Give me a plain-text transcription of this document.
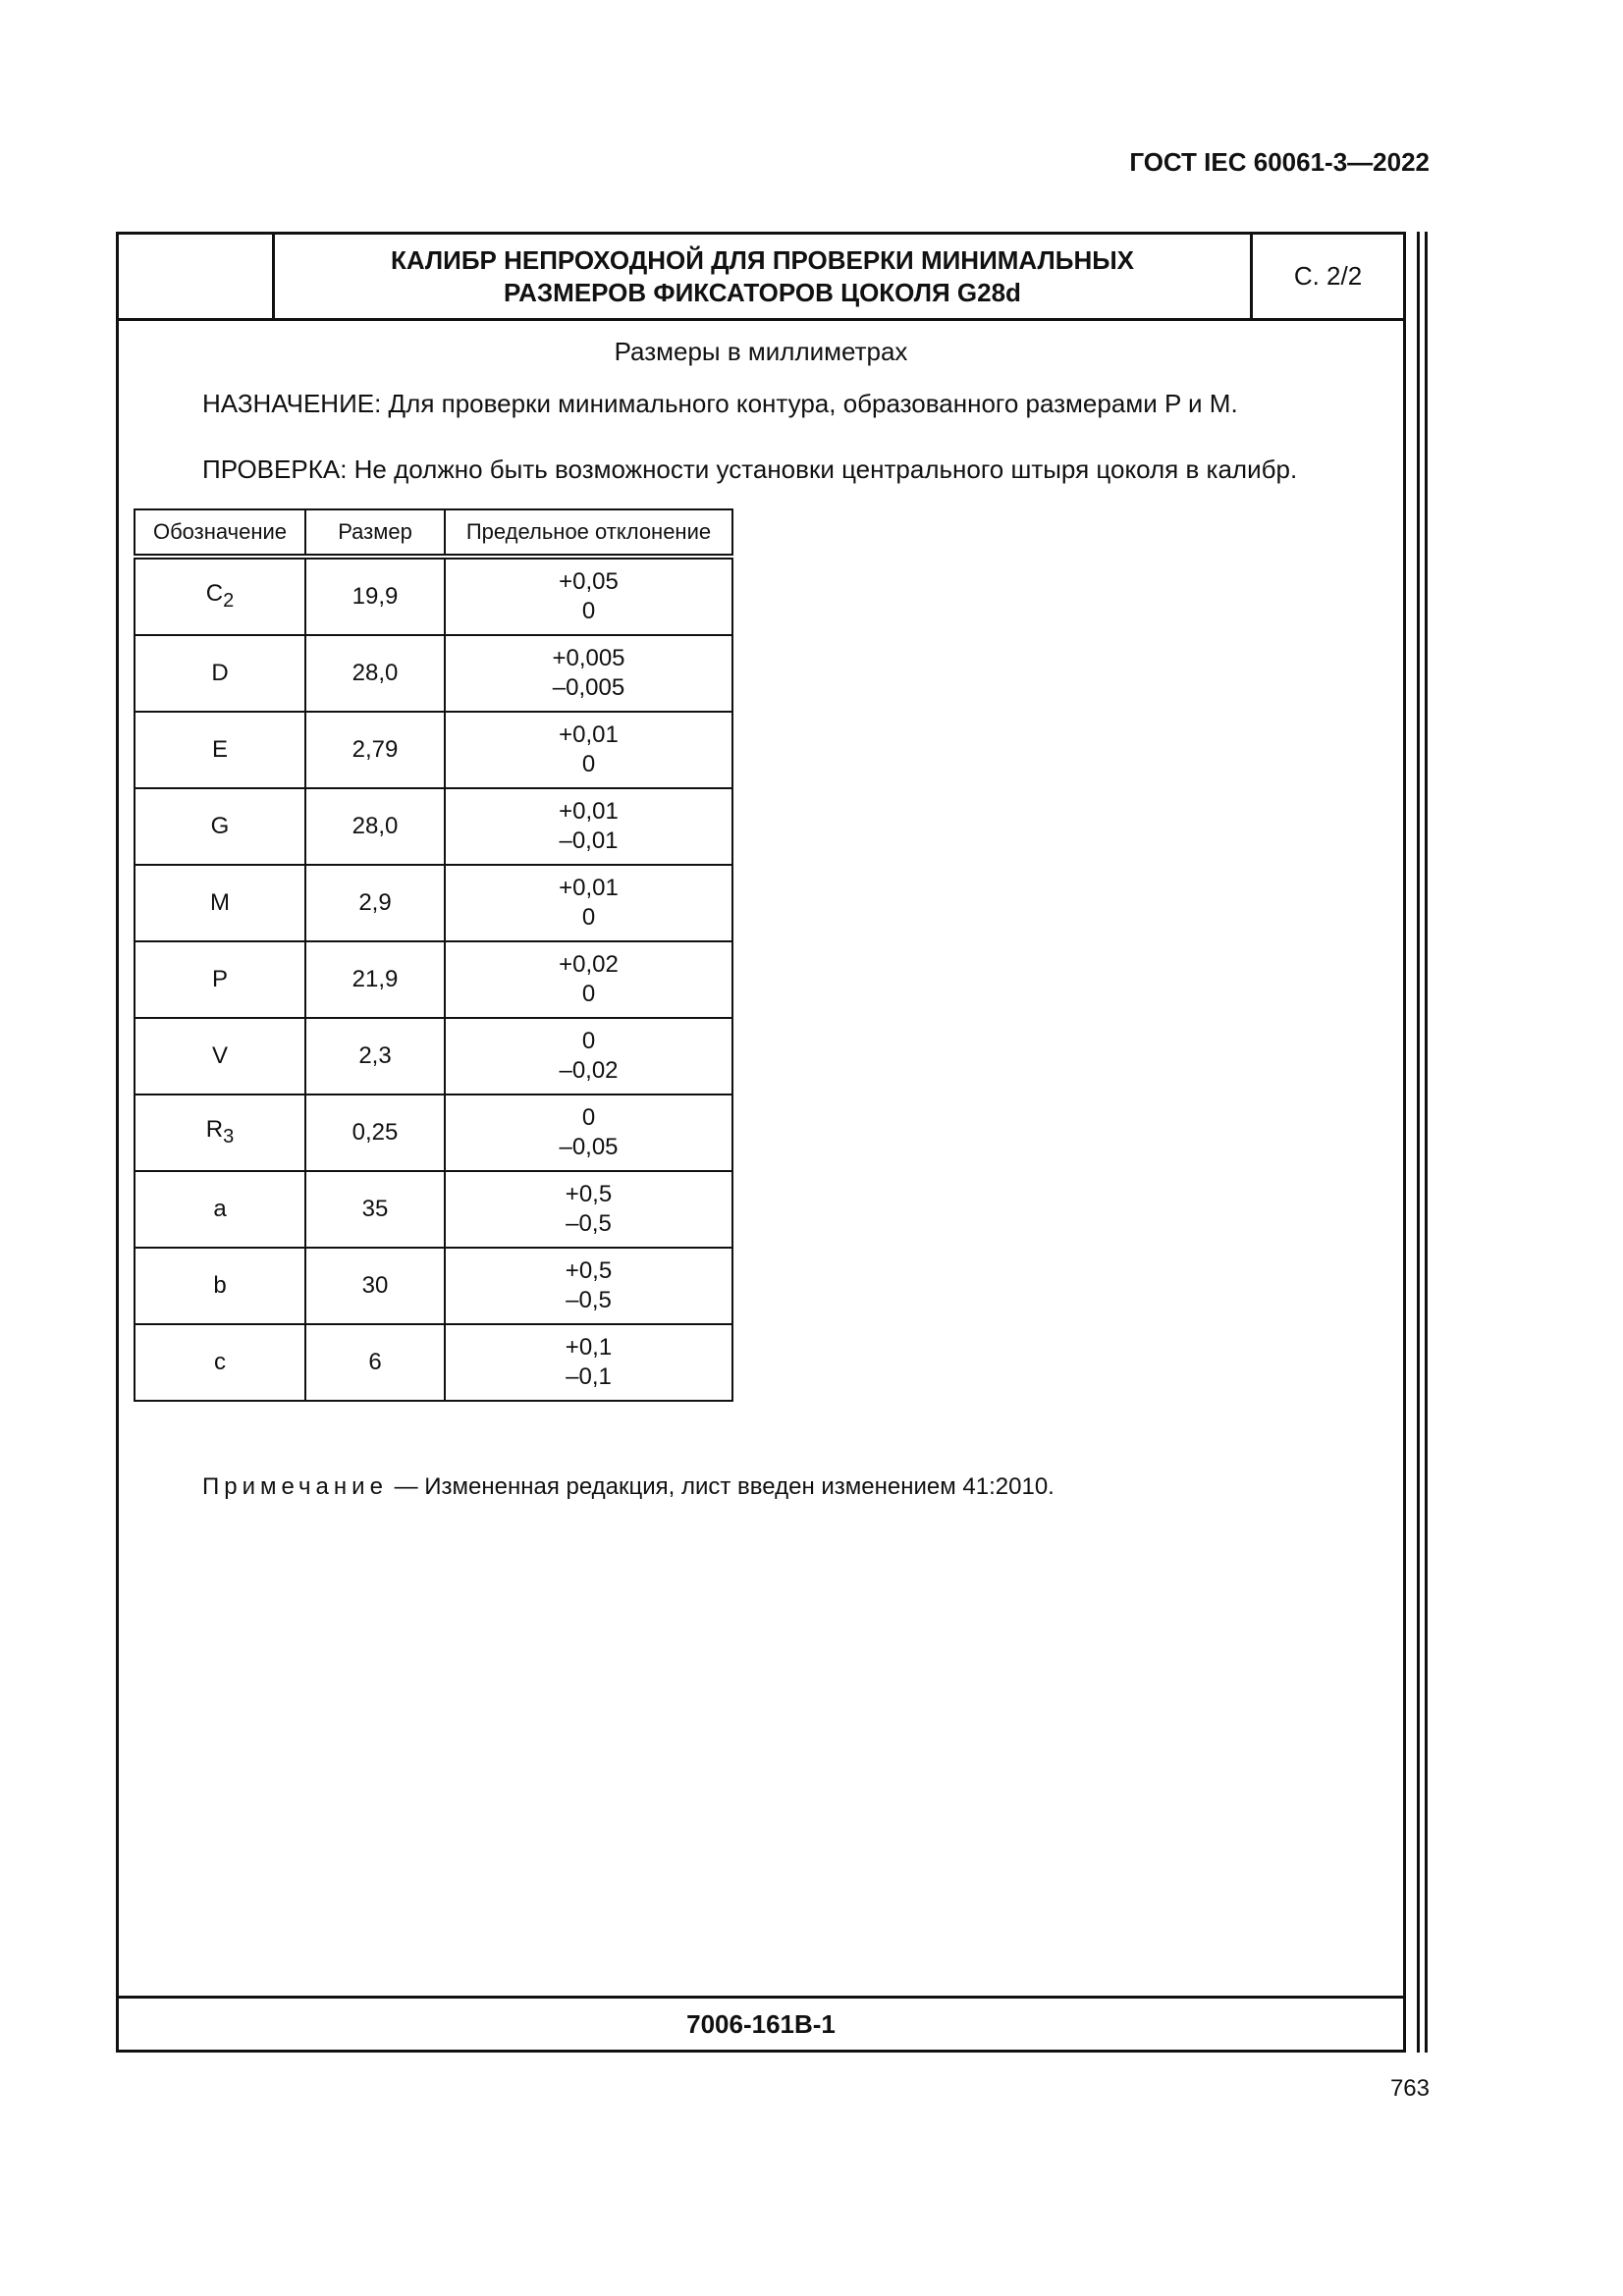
ГОСТ IEC 60061-3—2022
КАЛИБР НЕПРОХОДНОЙ ДЛЯ ПРОВЕРКИ МИНИМАЛЬНЫХ
РАЗМЕРОВ ФИКСАТОРОВ ЦОКОЛЯ G28d
С. 2/2
Размеры в миллиметрах
НАЗНАЧЕНИЕ: Для проверки минимального контура, образованного размерами P и M.
ПРОВЕРКА: Не должно быть возможности установки центрального штыря цоколя в калибр.
Обозначение	Размер	Предельное отклонение
$C_2$	19,9	+0,05
0

D	28,0	+0,005
–0,005

E	2,79	+0,01
0

G	28,0	+0,01
–0,01

M	2,9	+0,01
0

P	21,9	+0,02
0

V	2,3	0
–0,02

$R_3$	0,25	0
–0,05

a	35	+0,5
–0,5

b	30	+0,5
–0,5

c	6	+0,1
–0,1
Примечание — Измененная редакция, лист введен изменением 41:2010.
7006-161B-1
763
